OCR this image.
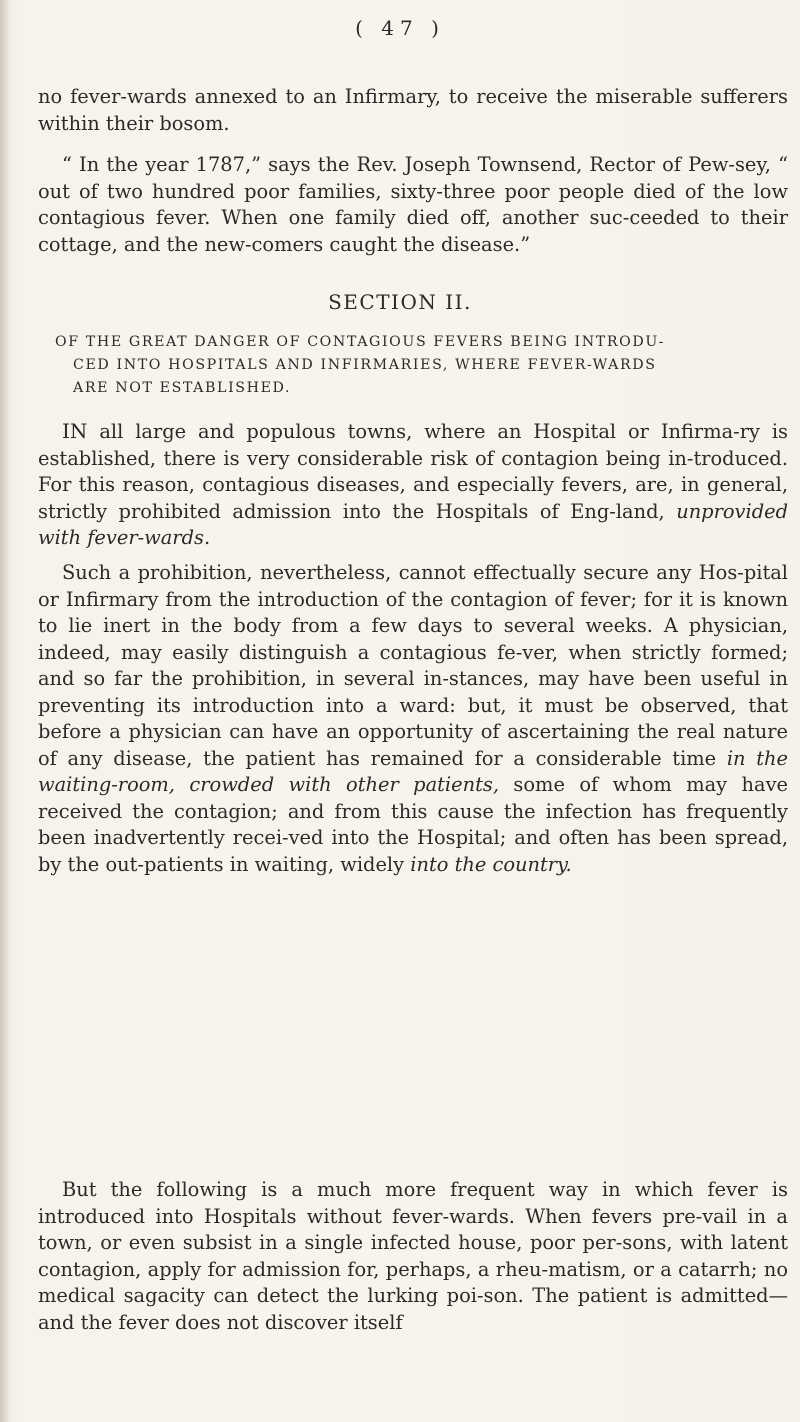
( 47 )

no fever-wards annexed to an Infirmary, to receive the miserable sufferers within their bosom.

“ In the year 1787,” says the Rev. Joseph Townsend, Rector of Pew-sey, “ out of two hundred poor families, sixty-three poor people died of the low contagious fever. When one family died off, another suc-ceeded to their cottage, and the new-comers caught the disease.”

SECTION II.
OF THE GREAT DANGER OF CONTAGIOUS FEVERS BEING INTRODU-
CED INTO HOSPITALS AND INFIRMARIES, WHERE FEVER-WARDS
ARE NOT ESTABLISHED.

IN all large and populous towns, where an Hospital or Infirma-ry is established, there is very considerable risk of contagion being in-troduced. For this reason, contagious diseases, and especially fevers, are, in general, strictly prohibited admission into the Hospitals of Eng-land, unprovided with fever-wards.

Such a prohibition, nevertheless, cannot effectually secure any Hos-pital or Infirmary from the introduction of the contagion of fever; for it is known to lie inert in the body from a few days to several weeks. A physician, indeed, may easily distinguish a contagious fe-ver, when strictly formed; and so far the prohibition, in several in-stances, may have been useful in preventing its introduction into a ward: but, it must be observed, that before a physician can have an opportunity of ascertaining the real nature of any disease, the patient has remained for a considerable time in the waiting-room, crowded with other patients, some of whom may have received the contagion; and from this cause the infection has frequently been inadvertently recei-ved into the Hospital; and often has been spread, by the out-patients in waiting, widely into the country.

But the following is a much more frequent way in which fever is introduced into Hospitals without fever-wards. When fevers pre-vail in a town, or even subsist in a single infected house, poor per-sons, with latent contagion, apply for admission for, perhaps, a rheu-matism, or a catarrh; no medical sagacity can detect the lurking poi-son. The patient is admitted—and the fever does not discover itself
